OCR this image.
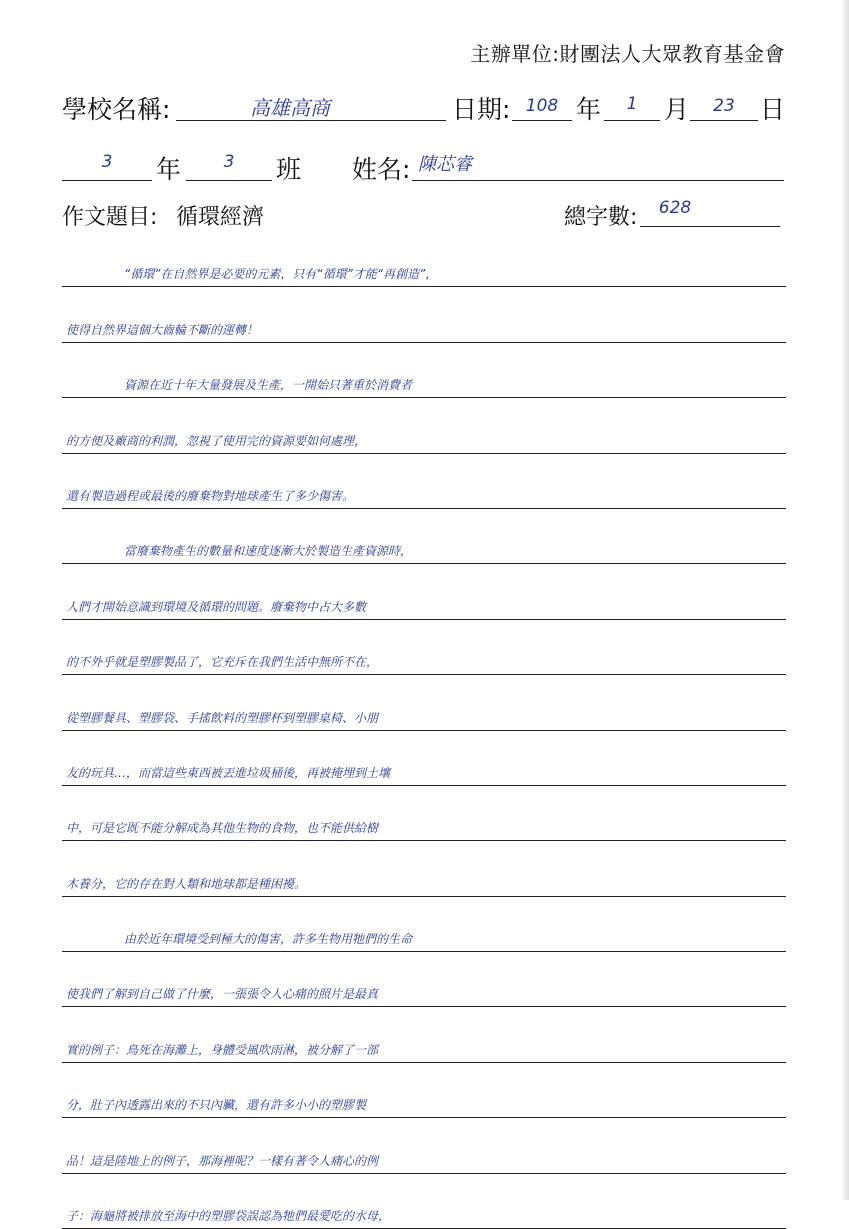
主辦單位:財團法人大眾教育基金會
學校名稱:	高雄高商	日期: 108 年	1	月	23	日
3	年	3	班 姓名: 陳芯睿
作文題目: 循環經濟	總字數:	628
“循環”在自然界是必要的元素，只有“循環”才能“再創造”，
使得自然界這個大齒輪不斷的運轉！
資源在近十年大量發展及生產，一開始只著重於消費者
的方便及廠商的利潤，忽視了使用完的資源要如何處理，
還有製造過程或最後的廢棄物對地球產生了多少傷害。
當廢棄物產生的數量和速度逐漸大於製造生產資源時，
人們才開始意識到環境及循環的問題。廢棄物中占大多數
的不外乎就是塑膠製品了，它充斥在我們生活中無所不在，
從塑膠餐具、塑膠袋、手搖飲料的塑膠杯到塑膠桌椅、小朋
友的玩具…，而當這些東西被丟進垃圾桶後，再被掩埋到土壤
中，可是它既不能分解成為其他生物的食物，也不能供給樹
木養分，它的存在對人類和地球都是種困擾。
由於近年環境受到極大的傷害，許多生物用牠們的生命
使我們了解到自己做了什麼，一張張令人心痛的照片是最真
實的例子：鳥死在海灘上，身體受風吹雨淋，被分解了一部
分，肚子內透露出來的不只內臟，還有許多小小的塑膠製
品！這是陸地上的例子，那海裡呢？一樣有著令人痛心的例
子：海龜將被排放至海中的塑膠袋誤認為牠們最愛吃的水母，
